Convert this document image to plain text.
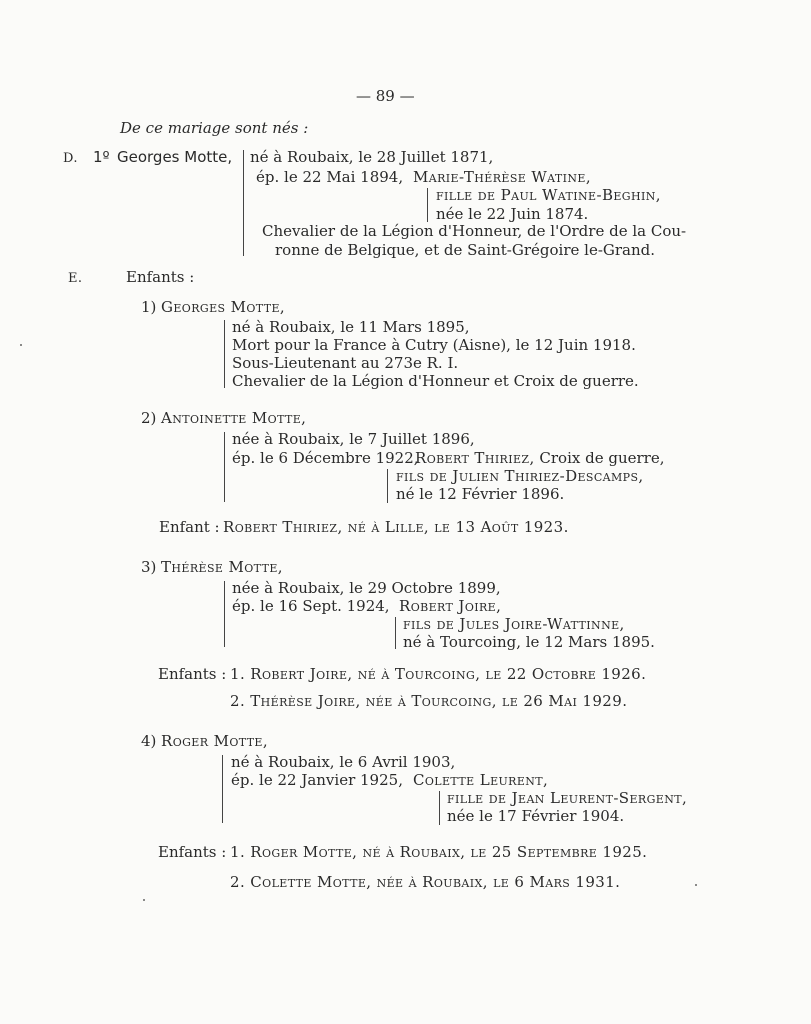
— 89 —
De ce mariage sont nés :
D. 1º Georges Motte, né à Roubaix, le 28 Juillet 1871,
ép. le 22 Mai 1894, Marie-Thérèse Watine,
fille de Paul Watine-Beghin,
née le 22 Juin 1874.
Chevalier de la Légion d'Honneur, de l'Ordre de la Cou-
ronne de Belgique, et de Saint-Grégoire le-Grand.
E.	Enfants :
1) Georges Motte,
né à Roubaix, le 11 Mars 1895,
Mort pour la France à Cutry (Aisne), le 12 Juin 1918.
Sous-Lieutenant au 273e R. I.
Chevalier de la Légion d'Honneur et Croix de guerre.
2) Antoinette Motte,
née à Roubaix, le 7 Juillet 1896,
ép. le 6 Décembre 1922,
Robert Thiriez, Croix de guerre,
fils de Julien Thiriez-Descamps,
né le 12 Février 1896.
Enfant : Robert Thiriez, né à Lille, le 13 Août 1923.
3) Thérèse Motte,
née à Roubaix, le 29 Octobre 1899,
ép. le 16 Sept. 1924, Robert Joire,
fils de Jules Joire-Wattinne,
né à Tourcoing, le 12 Mars 1895.
Enfants : 1. Robert Joire, né à Tourcoing, le 22 Octobre 1926.
2. Thérèse Joire, née à Tourcoing, le 26 Mai 1929.
4) Roger Motte,
né à Roubaix, le 6 Avril 1903,
ép. le 22 Janvier 1925, Colette Leurent,
fille de Jean Leurent-Sergent,
née le 17 Février 1904.
Enfants : 1. Roger Motte, né à Roubaix, le 25 Septembre 1925.
2. Colette Motte, née à Roubaix, le 6 Mars 1931.
